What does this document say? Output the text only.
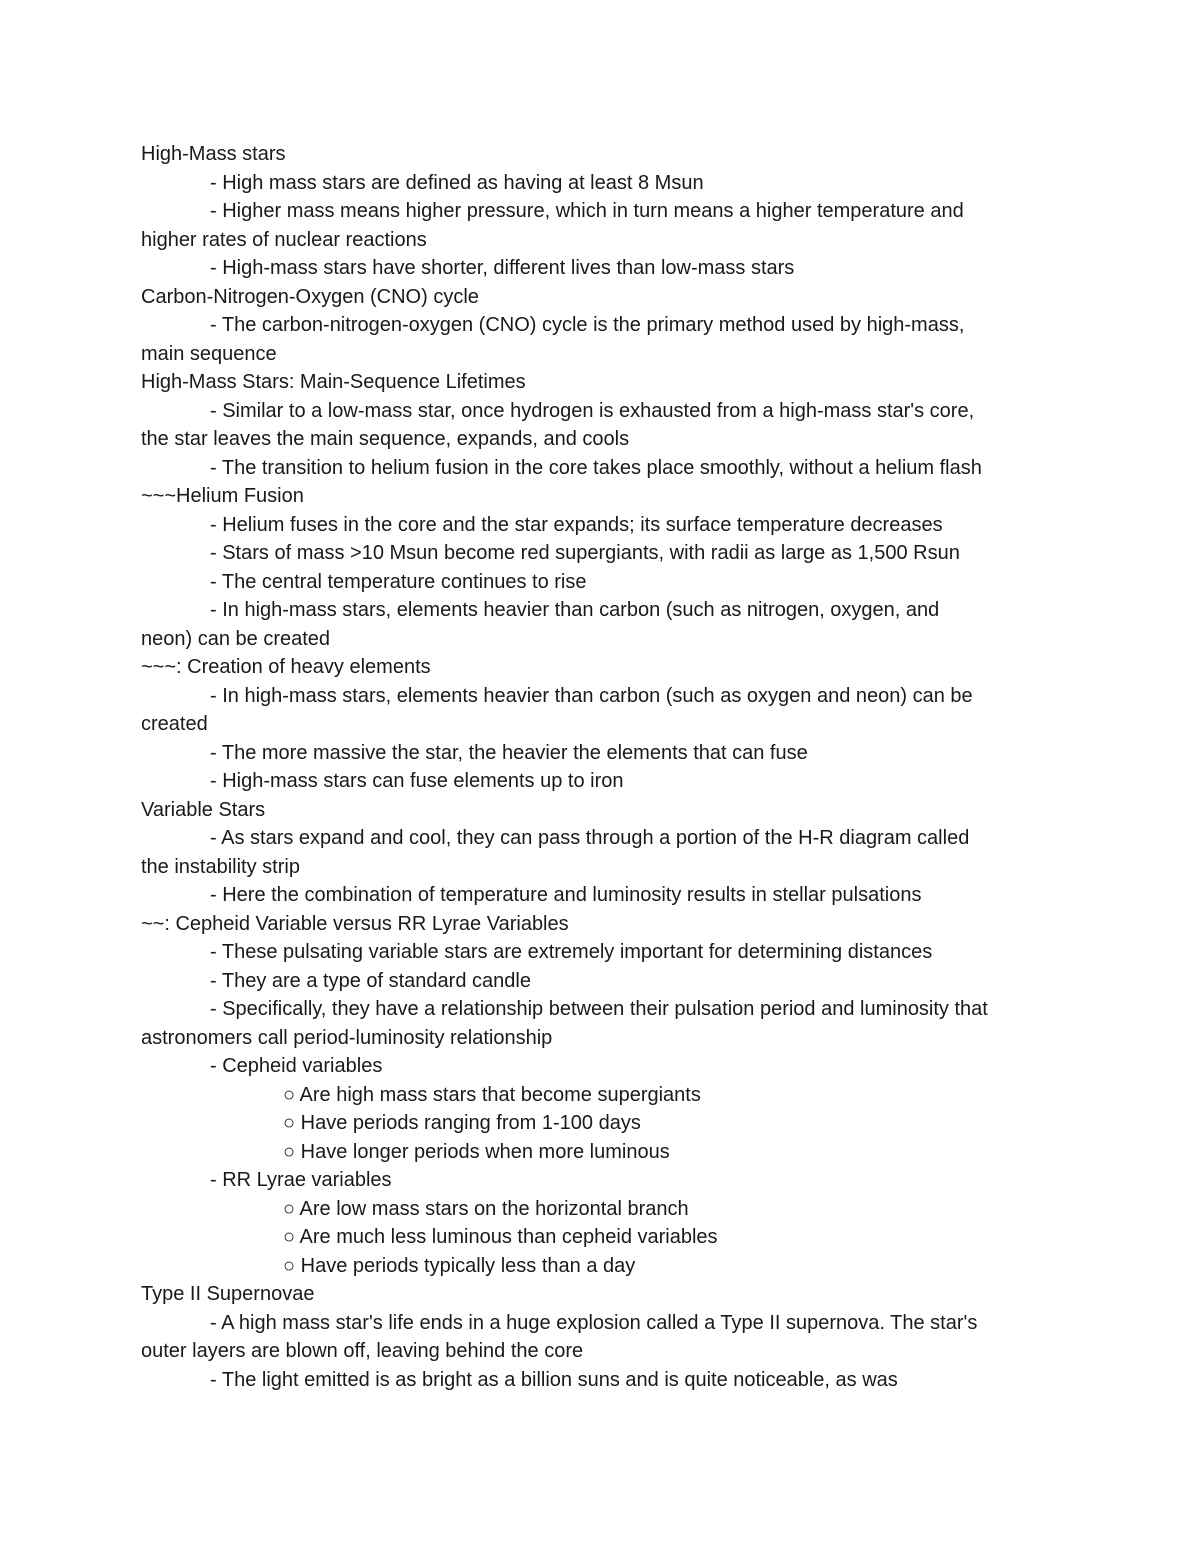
High-Mass stars
- High mass stars are defined as having at least 8 Msun
- Higher mass means higher pressure, which in turn means a higher temperature and
higher rates of nuclear reactions
- High-mass stars have shorter, different lives than low-mass stars
Carbon-Nitrogen-Oxygen (CNO) cycle
- The carbon-nitrogen-oxygen (CNO) cycle is the primary method used by high-mass,
main sequence
High-Mass Stars: Main-Sequence Lifetimes
- Similar to a low-mass star, once hydrogen is exhausted from a high-mass star's core,
the star leaves the main sequence, expands, and cools
- The transition to helium fusion in the core takes place smoothly, without a helium flash
~~~Helium Fusion
- Helium fuses in the core and the star expands; its surface temperature decreases
- Stars of mass >10 Msun become red supergiants, with radii as large as 1,500 Rsun
- The central temperature continues to rise
- In high-mass stars, elements heavier than carbon (such as nitrogen, oxygen, and
neon) can be created
~~~: Creation of heavy elements
- In high-mass stars, elements heavier than carbon (such as oxygen and neon) can be
created
- The more massive the star, the heavier the elements that can fuse
- High-mass stars can fuse elements up to iron
Variable Stars
- As stars expand and cool, they can pass through a portion of the H-R diagram called
the instability strip
- Here the combination of temperature and luminosity results in stellar pulsations
~~: Cepheid Variable versus RR Lyrae Variables
- These pulsating variable stars are extremely important for determining distances
- They are a type of standard candle
- Specifically, they have a relationship between their pulsation period and luminosity that
astronomers call period-luminosity relationship
- Cepheid variables
○ Are high mass stars that become supergiants
○ Have periods ranging from 1-100 days
○ Have longer periods when more luminous
- RR Lyrae variables
○ Are low mass stars on the horizontal branch
○ Are much less luminous than cepheid variables
○ Have periods typically less than a day
Type II Supernovae
- A high mass star's life ends in a huge explosion called a Type II supernova. The star's
outer layers are blown off, leaving behind the core
- The light emitted is as bright as a billion suns and is quite noticeable, as was
